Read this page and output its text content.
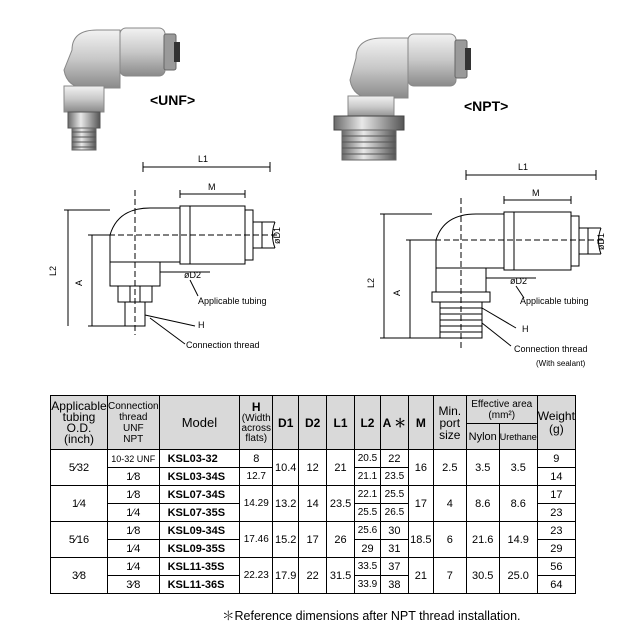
<UNF>	<NPT>
L1
M
øD1
øD2
L2
A
Applicable tubing
H
Connection thread
L1
M
øD1
øD2
L2
A
Applicable tubing
H
Connection thread
(With sealant)
Applicable
tubing
O.D.
(inch)	Connection
thread
UNF
NPT	Model	H
(Width
across
flats)	D1	D2	L1	L2	A ＊	M	Min.
port
size	Effective area
(mm²)		Weight
(g)
											Nylon	Urethane	
5⁄32	10-32 UNF	KSL03-32	8	10.4	12	21	20.5	22	16	2.5	3.5	3.5	9
	1⁄8	KSL03-34S	12.7				21.1	23.5					14
1⁄4	1⁄8	KSL07-34S	14.29	13.2	14	23.5	22.1	25.5	17	4	8.6	8.6	17
	1⁄4	KSL07-35S					25.5	26.5					23
5⁄16	1⁄8	KSL09-34S	17.46	15.2	17	26	25.6	30	18.5	6	21.6	14.9	23
	1⁄4	KSL09-35S					29	31					29
3⁄8	1⁄4	KSL11-35S	22.23	17.9	22	31.5	33.5	37	21	7	30.5	25.0	56
	3⁄8	KSL11-36S					33.9	38					64
＊Reference dimensions after NPT thread installation.
